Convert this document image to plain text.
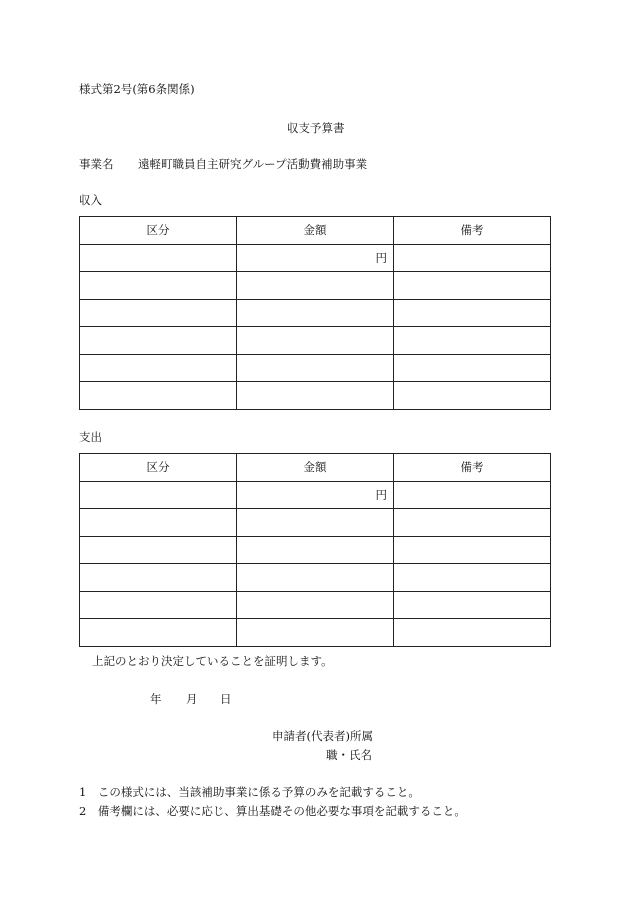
様式第2号(第6条関係)
収支予算書
事業名 遠軽町職員自主研究グループ活動費補助事業
収入
区分	金額	備考
	円	

支出
区分	金額	備考
	円	

上記のとおり決定していることを証明します。
年 月 日
申請者(代表者)所属
職・氏名
1　この様式には、当該補助事業に係る予算のみを記載すること。
2　備考欄には、必要に応じ、算出基礎その他必要な事項を記載すること。
